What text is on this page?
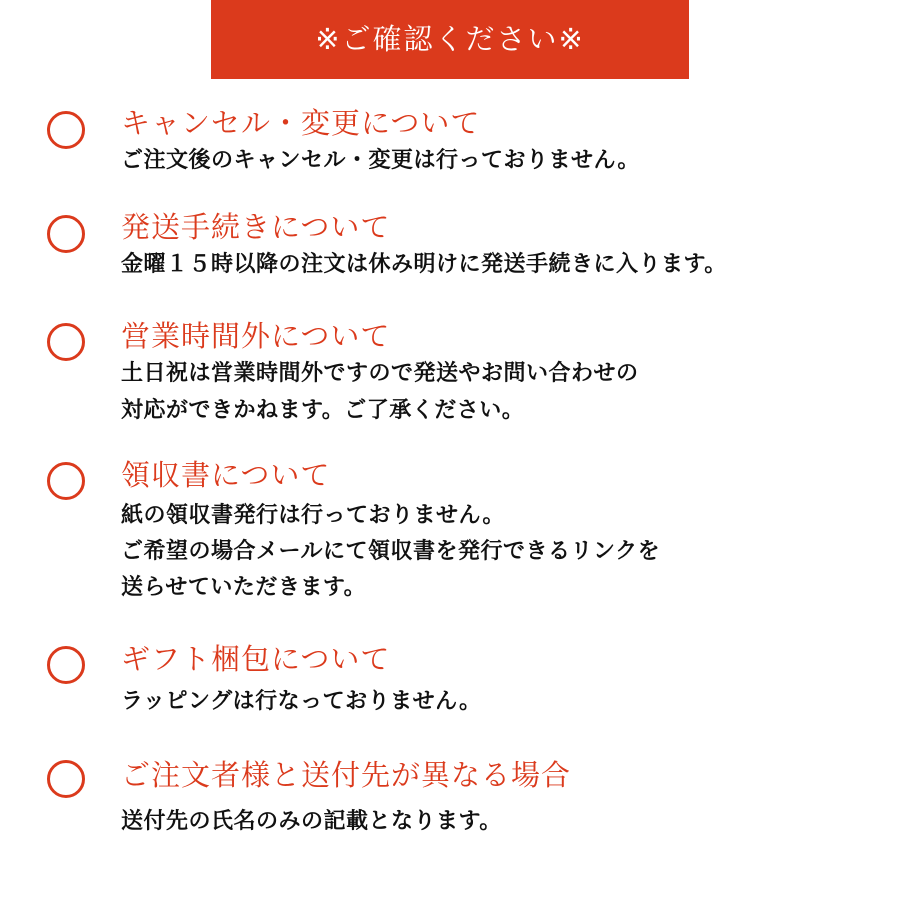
※ご確認ください※
キャンセル・変更について
ご注文後のキャンセル・変更は行っておりません。
発送手続きについて
金曜１５時以降の注文は休み明けに発送手続きに入ります。
営業時間外について
土日祝は営業時間外ですので発送やお問い合わせの
対応ができかねます。ご了承ください。
領収書について
紙の領収書発行は行っておりません。
ご希望の場合メールにて領収書を発行できるリンクを
送らせていただきます。
ギフト梱包について
ラッピングは行なっておりません。
ご注文者様と送付先が異なる場合
送付先の氏名のみの記載となります。
